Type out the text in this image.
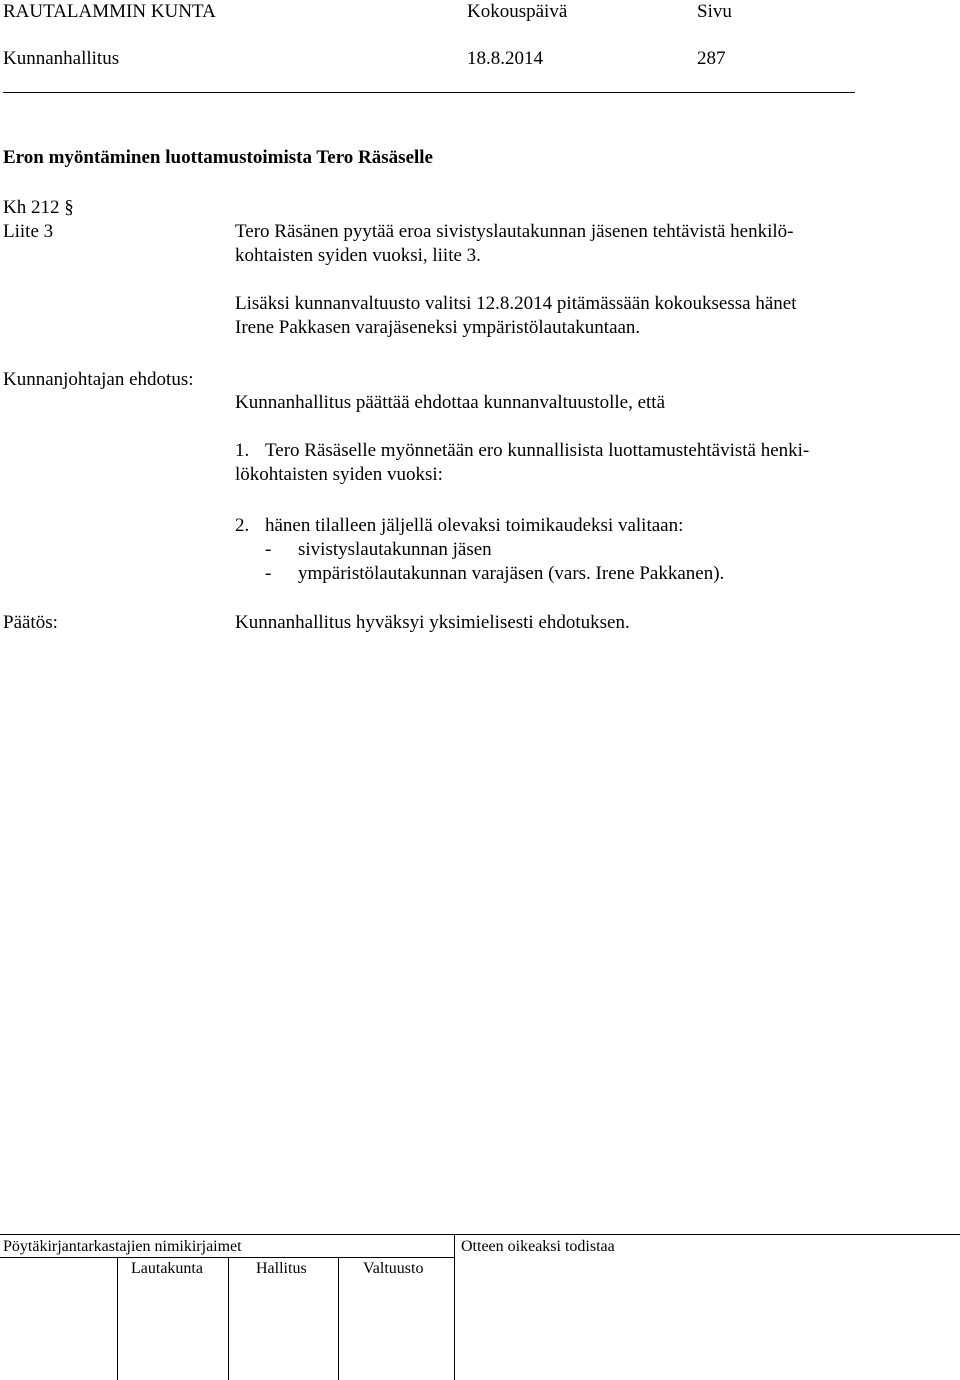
RAUTALAMMIN KUNTA	Kokouspäivä	Sivu
Kunnanhallitus	18.8.2014	287
Eron myöntäminen luottamustoimista Tero Räsäselle
Kh 212 §
Liite 3	Tero Räsänen pyytää eroa sivistyslautakunnan jäsenen tehtävistä henkilö-
kohtaisten syiden vuoksi, liite 3.
Lisäksi kunnanvaltuusto valitsi 12.8.2014 pitämässään kokouksessa hänet
Irene Pakkasen varajäseneksi ympäristölautakuntaan.
Kunnanjohtajan ehdotus:
Kunnanhallitus päättää ehdottaa kunnanvaltuustolle, että
1. Tero Räsäselle myönnetään ero kunnallisista luottamustehtävistä henki-
lökohtaisten syiden vuoksi:
2. hänen tilalleen jäljellä olevaksi toimikaudeksi valitaan:
- sivistyslautakunnan jäsen
- ympäristölautakunnan varajäsen (vars. Irene Pakkanen).
Päätös:	Kunnanhallitus hyväksyi yksimielisesti ehdotuksen.
Pöytäkirjantarkastajien nimikirjaimet	Otteen oikeaksi todistaa
Lautakunta	Hallitus	Valtuusto
